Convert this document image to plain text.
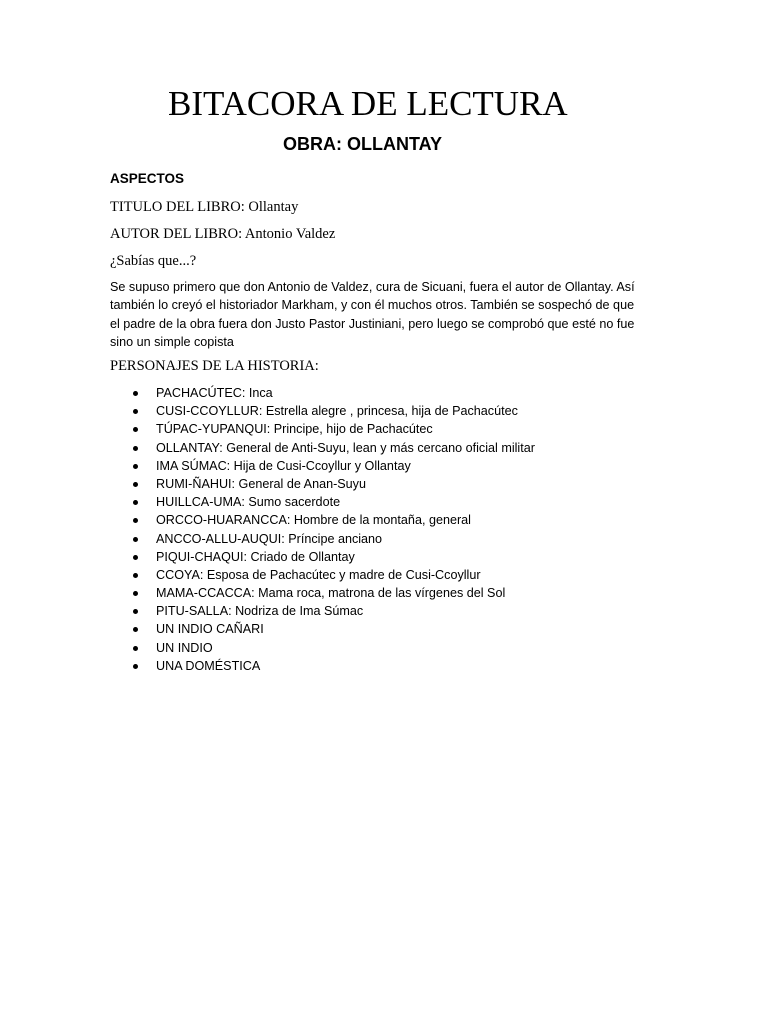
BITACORA DE LECTURA
OBRA: OLLANTAY

ASPECTOS

TITULO DEL LIBRO: Ollantay

AUTOR DEL LIBRO: Antonio Valdez

¿Sabías que...?

Se supuso primero que don Antonio de Valdez, cura de Sicuani, fuera el autor de Ollantay. Así
también lo creyó el historiador Markham, y con él muchos otros. También se sospechó de que
el padre de la obra fuera don Justo Pastor Justiniani, pero luego se comprobó que esté no fue
sino un simple copista

PERSONAJES DE LA HISTORIA:

PACHACÚTEC: Inca
CUSI-CCOYLLUR: Estrella alegre , princesa, hija de Pachacútec
TÚPAC-YUPANQUI: Principe, hijo de Pachacútec
OLLANTAY: General de Anti-Suyu, lean y más cercano oficial militar
IMA SÚMAC: Hija de Cusi-Ccoyllur y Ollantay
RUMI-ÑAHUI: General de Anan-Suyu
HUILLCA-UMA: Sumo sacerdote
ORCCO-HUARANCCA: Hombre de la montaña, general
ANCCO-ALLU-AUQUI: Príncipe anciano
PIQUI-CHAQUI: Criado de Ollantay
CCOYA: Esposa de Pachacútec y madre de Cusi-Ccoyllur
MAMA-CCACCA: Mama roca, matrona de las vírgenes del Sol
PITU-SALLA: Nodriza de Ima Súmac
UN INDIO CAÑARI
UN INDIO
UNA DOMÉSTICA
